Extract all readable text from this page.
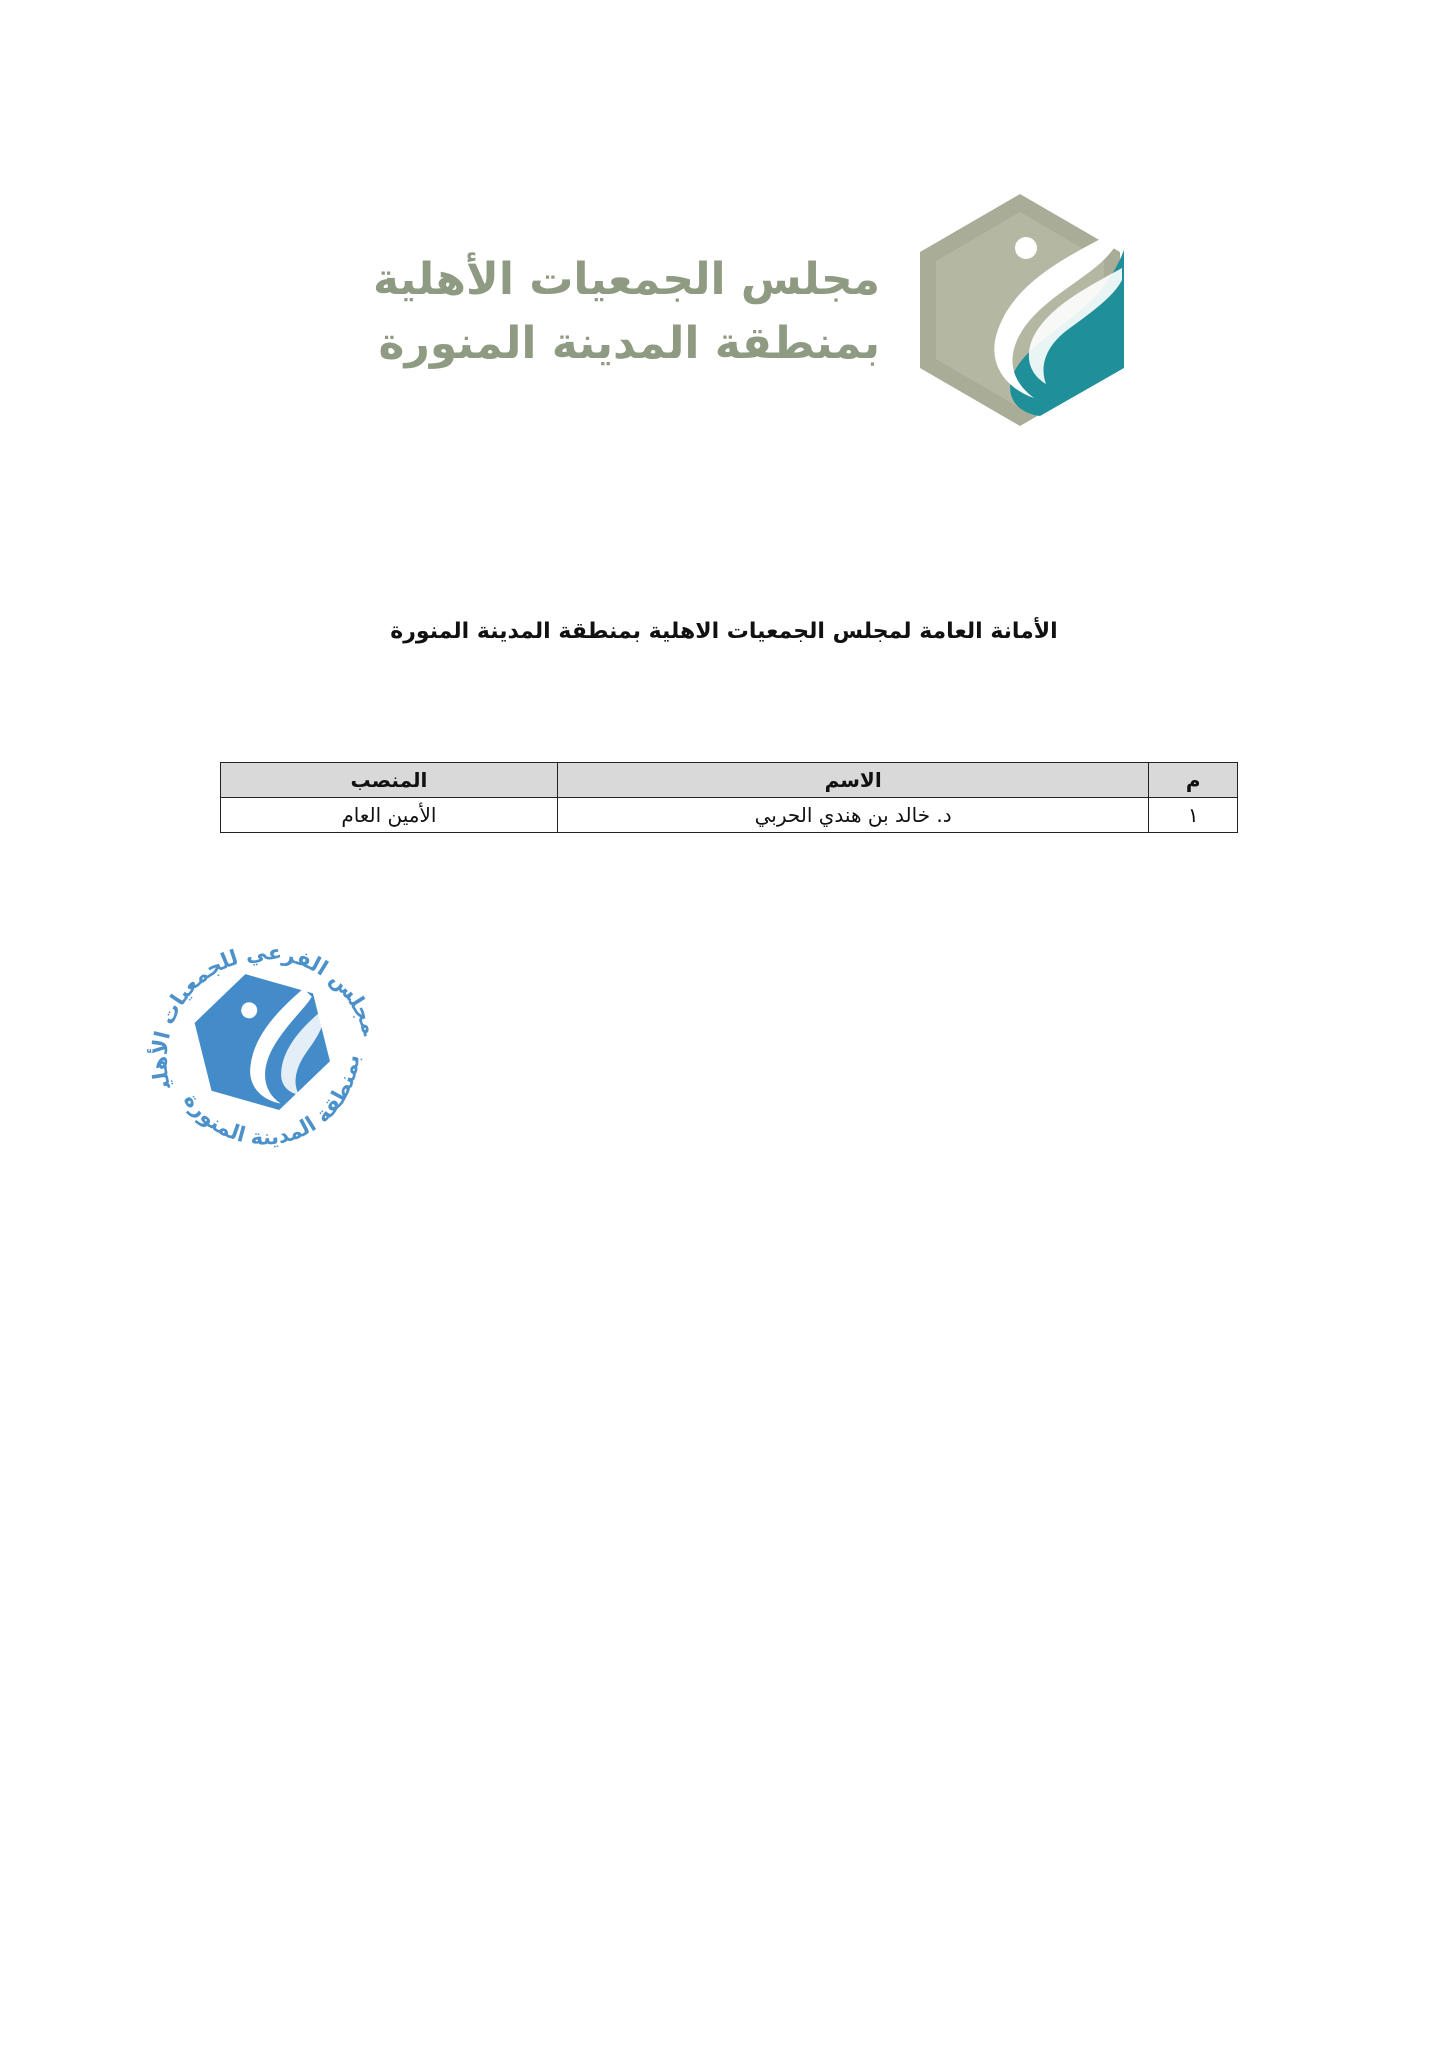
مجلس الجمعيات الأهلية
بمنطقة المدينة المنورة
الأمانة العامة لمجلس الجمعيات الاهلية بمنطقة المدينة المنورة
م	الاسم	المنصب
١	د. خالد بن هندي الحربي	الأمين العام
المجلس الفرعي للجمعيات الأهلية
بمنطقة المدينة المنورة
